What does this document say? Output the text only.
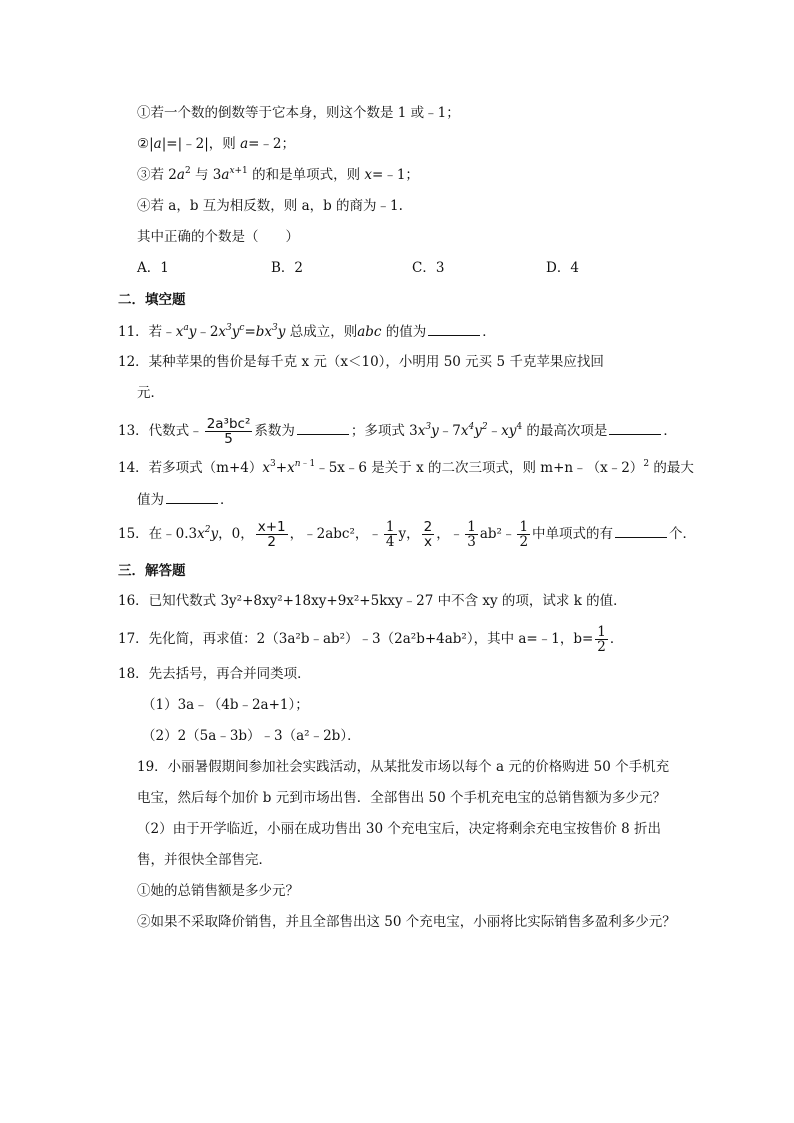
①若一个数的倒数等于它本身，则这个数是 1 或﹣1；
②|a|=|﹣2|，则 a=﹣2；
③若 $2a^2$ 与 $3a^{x+1}$ 的和是单项式，则 x=﹣1；
④若 a，b 互为相反数，则 a，b 的商为﹣1.
其中正确的个数是（　　）
A．1	B．2	C．3	D．4
二．填空题
11．若$﹣x^ay﹣2x^3y^c=bx^3y$ 总成立，则abc 的值为	．
12．某种苹果的售价是每千克 x 元（x＜10），小明用 50 元买 5 千克苹果应找回
元．
13．代数式﹣ $\frac{\text{2a³bc²}}{5}$ 系数为	；多项式 $3x^3y﹣7x^4y^2﹣xy^4$ 的最高次项是	．
14．若多项式$(m+4)x^3+x^{n﹣1}﹣5x﹣6$ 是关于 x 的二次三项式，则 m+n﹣（x﹣2）$^2$ 的最大
值为	．
15．在$﹣0.3x^2y$，0， $\frac{x+1}{2}$ ，﹣2abc²，﹣ $\frac{1}{4}$ y， $\frac{2}{x}$ ，﹣ $\frac{1}{3}$ ab²﹣ $\frac{1}{2}$ 中单项式的有	个．
三．解答题
16．已知代数式 3y²+8xy²+18xy+9x²+5kxy﹣27 中不含 xy 的项，试求 k 的值．
17．先化简，再求值：2（3a²b﹣ab²）﹣3（2a²b+4ab²），其中 a=﹣1，$b= \frac{1}{2}$ ．
18．先去括号，再合并同类项．
（1）3a﹣（4b﹣2a+1）；
（2）2（5a﹣3b）﹣3（a²﹣2b）．
19．小丽暑假期间参加社会实践活动，从某批发市场以每个 a 元的价格购进 50 个手机充
电宝，然后每个加价 b 元到市场出售．全部售出 50 个手机充电宝的总销售额为多少元？
（2）由于开学临近，小丽在成功售出 30 个充电宝后，决定将剩余充电宝按售价 8 折出
售，并很快全部售完．
①她的总销售额是多少元？
②如果不采取降价销售，并且全部售出这 50 个充电宝，小丽将比实际销售多盈利多少元？
